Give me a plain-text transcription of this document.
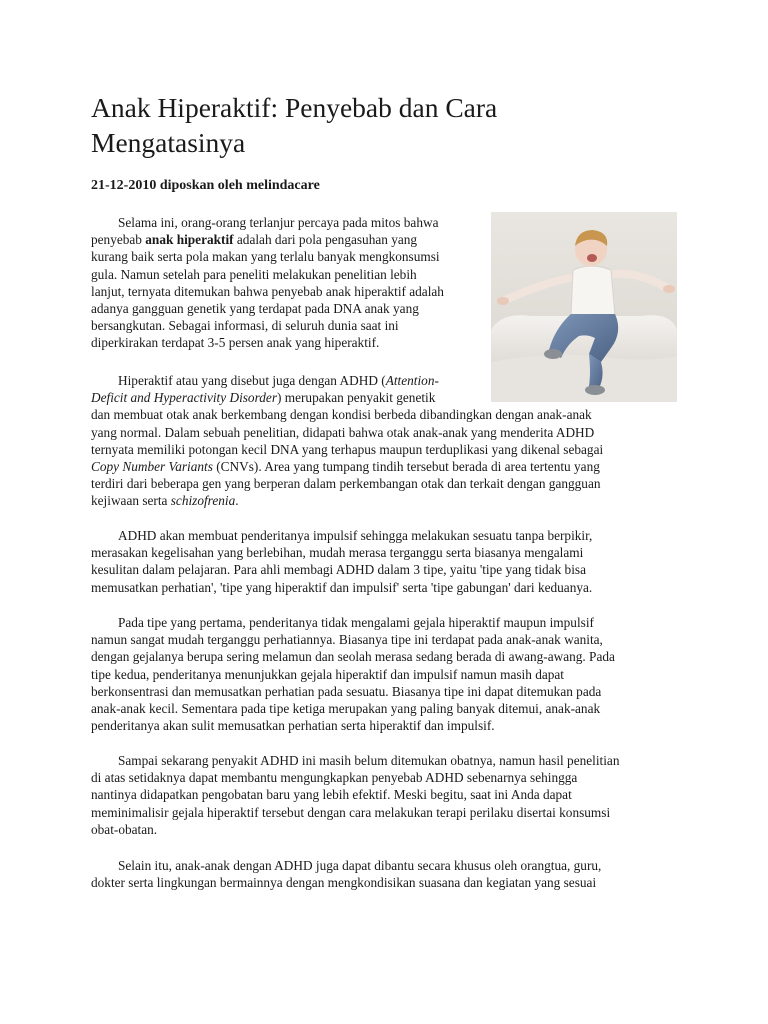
Anak Hiperaktif: Penyebab dan Cara
Mengatasinya

21-12-2010 diposkan oleh melindacare

Selama ini, orang-orang terlanjur percaya pada mitos bahwa
penyebab anak hiperaktif adalah dari pola pengasuhan yang
kurang baik serta pola makan yang terlalu banyak mengkonsumsi
gula. Namun setelah para peneliti melakukan penelitian lebih
lanjut, ternyata ditemukan bahwa penyebab anak hiperaktif adalah
adanya gangguan genetik yang terdapat pada DNA anak yang
bersangkutan. Sebagai informasi, di seluruh dunia saat ini
diperkirakan terdapat 3-5 persen anak yang hiperaktif.
Hiperaktif atau yang disebut juga dengan ADHD (Attention-
Deficit and Hyperactivity Disorder) merupakan penyakit genetik
dan membuat otak anak berkembang dengan kondisi berbeda dibandingkan dengan anak-anak
yang normal. Dalam sebuah penelitian, didapati bahwa otak anak-anak yang menderita ADHD
ternyata memiliki potongan kecil DNA yang terhapus maupun terduplikasi yang dikenal sebagai
Copy Number Variants (CNVs). Area yang tumpang tindih tersebut berada di area tertentu yang
terdiri dari beberapa gen yang berperan dalam perkembangan otak dan terkait dengan gangguan
kejiwaan serta schizofrenia.
ADHD akan membuat penderitanya impulsif sehingga melakukan sesuatu tanpa berpikir,
merasakan kegelisahan yang berlebihan, mudah merasa terganggu serta biasanya mengalami
kesulitan dalam pelajaran. Para ahli membagi ADHD dalam 3 tipe, yaitu 'tipe yang tidak bisa
memusatkan perhatian', 'tipe yang hiperaktif dan impulsif' serta 'tipe gabungan' dari keduanya.
Pada tipe yang pertama, penderitanya tidak mengalami gejala hiperaktif maupun impulsif
namun sangat mudah terganggu perhatiannya. Biasanya tipe ini terdapat pada anak-anak wanita,
dengan gejalanya berupa sering melamun dan seolah merasa sedang berada di awang-awang. Pada
tipe kedua, penderitanya menunjukkan gejala hiperaktif dan impulsif namun masih dapat
berkonsentrasi dan memusatkan perhatian pada sesuatu. Biasanya tipe ini dapat ditemukan pada
anak-anak kecil. Sementara pada tipe ketiga merupakan yang paling banyak ditemui, anak-anak
penderitanya akan sulit memusatkan perhatian serta hiperaktif dan impulsif.
Sampai sekarang penyakit ADHD ini masih belum ditemukan obatnya, namun hasil penelitian
di atas setidaknya dapat membantu mengungkapkan penyebab ADHD sebenarnya sehingga
nantinya didapatkan pengobatan baru yang lebih efektif. Meski begitu, saat ini Anda dapat
meminimalisir gejala hiperaktif tersebut dengan cara melakukan terapi perilaku disertai konsumsi
obat-obatan.
Selain itu, anak-anak dengan ADHD juga dapat dibantu secara khusus oleh orangtua, guru,
dokter serta lingkungan bermainnya dengan mengkondisikan suasana dan kegiatan yang sesuai
